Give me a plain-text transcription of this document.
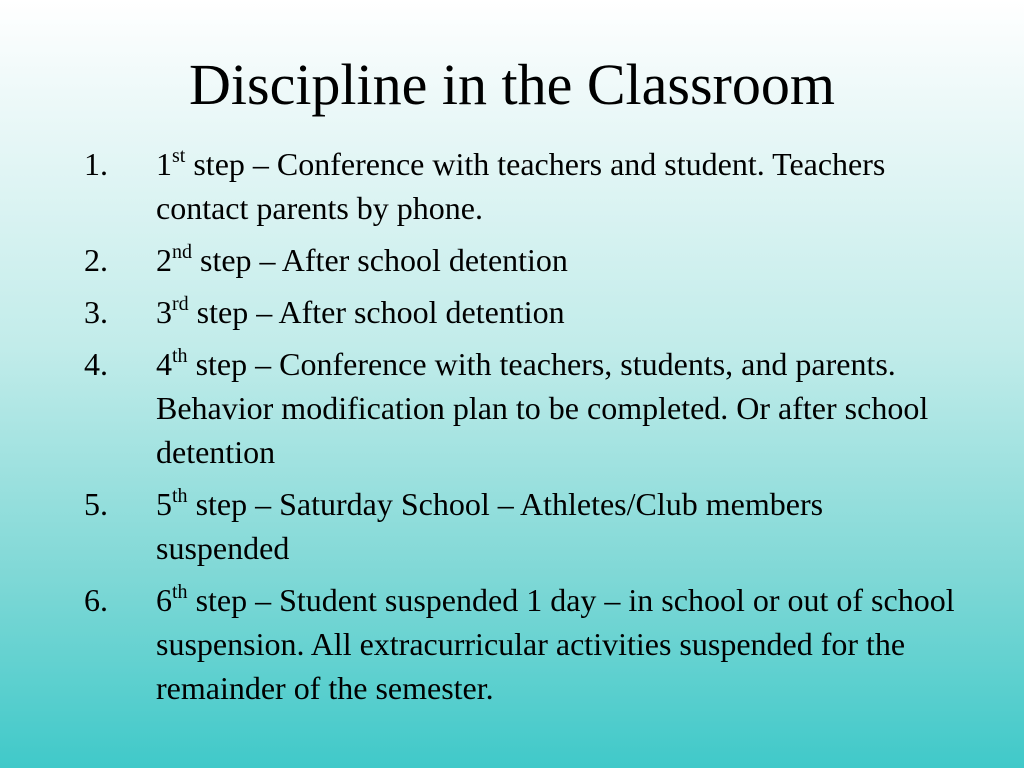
Discipline in the Classroom
1.	1st step – Conference with teachers and student. Teachers contact parents by phone.
2.	2nd step – After school detention
3.	3rd step – After school detention
4.	4th step – Conference with teachers, students, and parents. Behavior modification plan to be completed. Or after school detention
5.	5th step – Saturday School – Athletes/Club members suspended
6.	6th step – Student suspended 1 day – in school or out of school suspension. All extracurricular activities suspended for the remainder of the semester.
